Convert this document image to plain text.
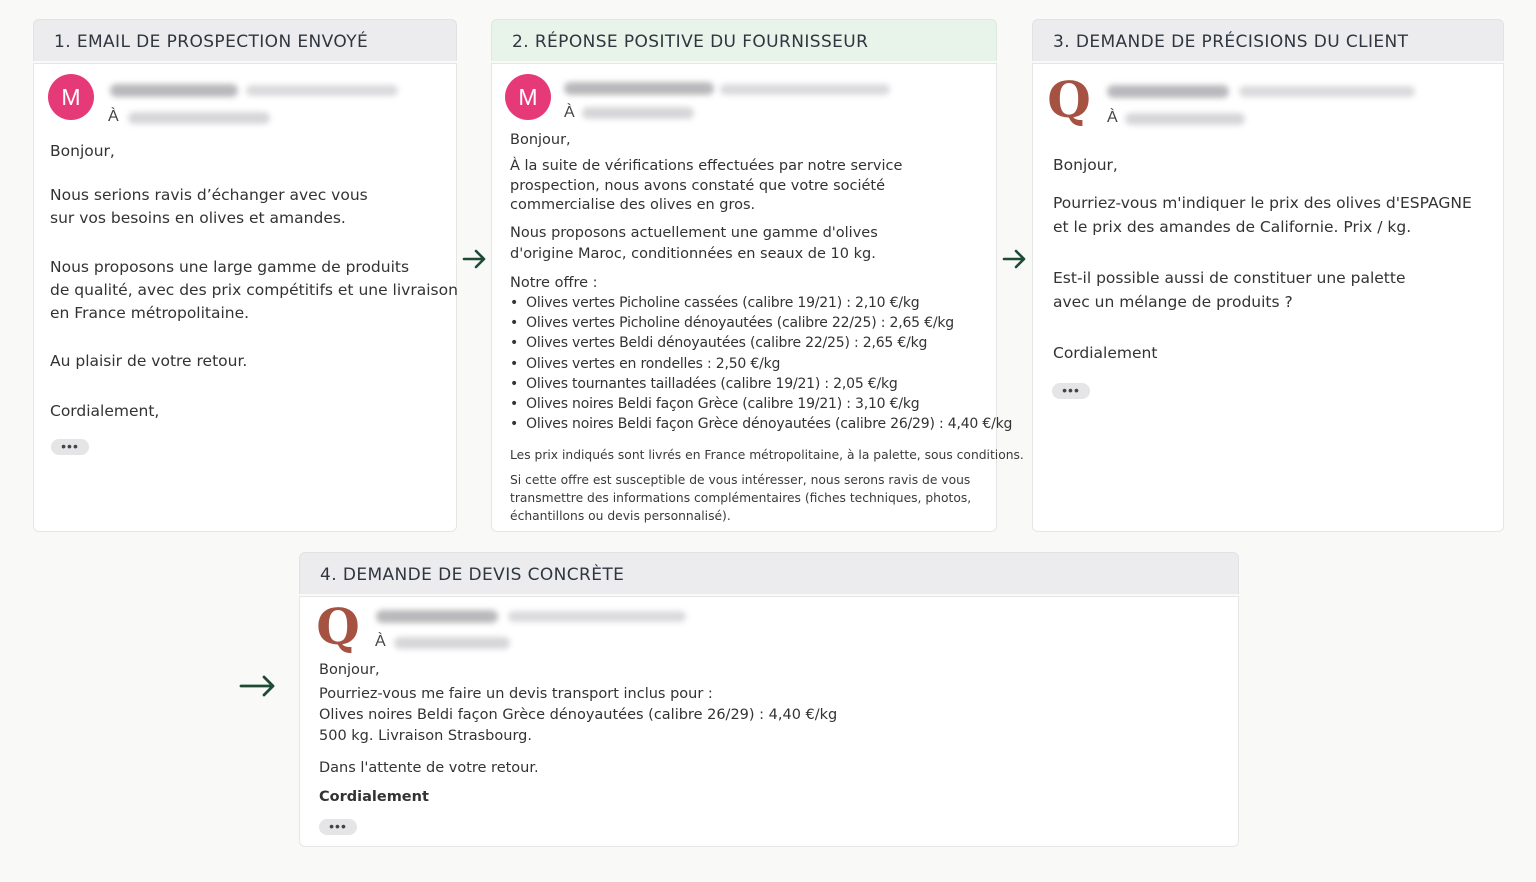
1. EMAIL DE PROSPECTION ENVOYÉ
M
À
Bonjour,
Nous serions ravis d’échanger avec vous
sur vos besoins en olives et amandes.
Nous proposons une large gamme de produits
de qualité, avec des prix compétitifs et une livraison
en France métropolitaine.
Au plaisir de votre retour.
Cordialement,
•••
2. RÉPONSE POSITIVE DU FOURNISSEUR
M
À
Bonjour,
À la suite de vérifications effectuées par notre service
prospection, nous avons constaté que votre société
commercialise des olives en gros.
Nous proposons actuellement une gamme d'olives
d'origine Maroc, conditionnées en seaux de 10 kg.
Notre offre :
• Olives vertes Picholine cassées (calibre 19/21) : 2,10 €/kg
• Olives vertes Picholine dénoyautées (calibre 22/25) : 2,65 €/kg
• Olives vertes Beldi dénoyautées (calibre 22/25) : 2,65 €/kg
• Olives vertes en rondelles : 2,50 €/kg
• Olives tournantes tailladées (calibre 19/21) : 2,05 €/kg
• Olives noires Beldi façon Grèce (calibre 19/21) : 3,10 €/kg
• Olives noires Beldi façon Grèce dénoyautées (calibre 26/29) : 4,40 €/kg
Les prix indiqués sont livrés en France métropolitaine, à la palette, sous conditions.
Si cette offre est susceptible de vous intéresser, nous serons ravis de vous
transmettre des informations complémentaires (fiches techniques, photos,
échantillons ou devis personnalisé).
3. DEMANDE DE PRÉCISIONS DU CLIENT
Q À
Bonjour,
Pourriez-vous m'indiquer le prix des olives d'ESPAGNE
et le prix des amandes de Californie. Prix / kg.
Est-il possible aussi de constituer une palette
avec un mélange de produits ?
Cordialement
•••
4. DEMANDE DE DEVIS CONCRÈTE
Q À
Bonjour,
Pourriez-vous me faire un devis transport inclus pour :
Olives noires Beldi façon Grèce dénoyautées (calibre 26/29) : 4,40 €/kg
500 kg. Livraison Strasbourg.
Dans l'attente de votre retour.
Cordialement
•••
